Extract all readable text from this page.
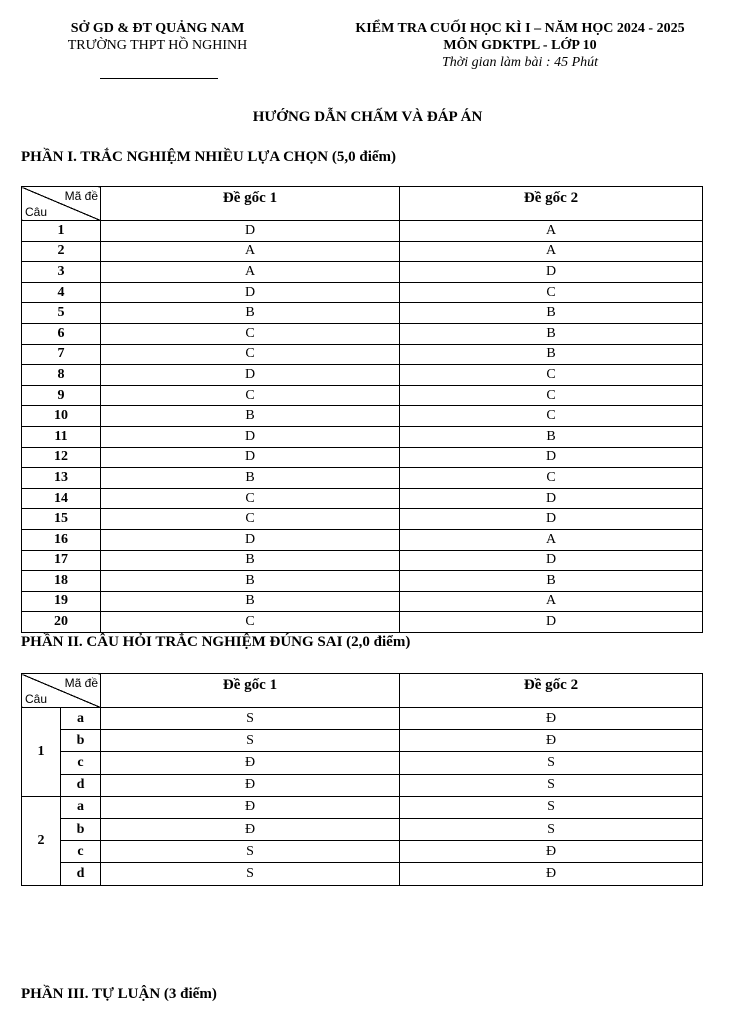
SỞ GD & ĐT QUẢNG NAM
TRƯỜNG THPT HỒ NGHINH
KIỂM TRA CUỐI HỌC KÌ I – NĂM HỌC 2024 - 2025
MÔN GDKTPL - LỚP 10
Thời gian làm bài : 45 Phút
HƯỚNG DẪN CHẤM VÀ ĐÁP ÁN
PHẦN I. TRẮC NGHIỆM NHIỀU LỰA CHỌN (5,0 điểm)
Mã đề
Câu	Đề gốc 1	Đề gốc 2
1	D	A
2	A	A
3	A	D
4	D	C
5	B	B
6	C	B
7	C	B
8	D	C
9	C	C
10	B	C
11	D	B
12	D	D
13	B	C
14	C	D
15	C	D
16	D	A
17	B	D
18	B	B
19	B	A
20	C	D
PHẦN II. CÂU HỎI TRẮC NGHIỆM ĐÚNG SAI (2,0 điểm)
Mã đề
Câu		Đề gốc 1	Đề gốc 2
1	a	S	Đ
	b	S	Đ
	c	Đ	S
	d	Đ	S
2	a	Đ	S
	b	Đ	S
	c	S	Đ
	d	S	Đ
PHẦN III. TỰ LUẬN (3 điểm)
